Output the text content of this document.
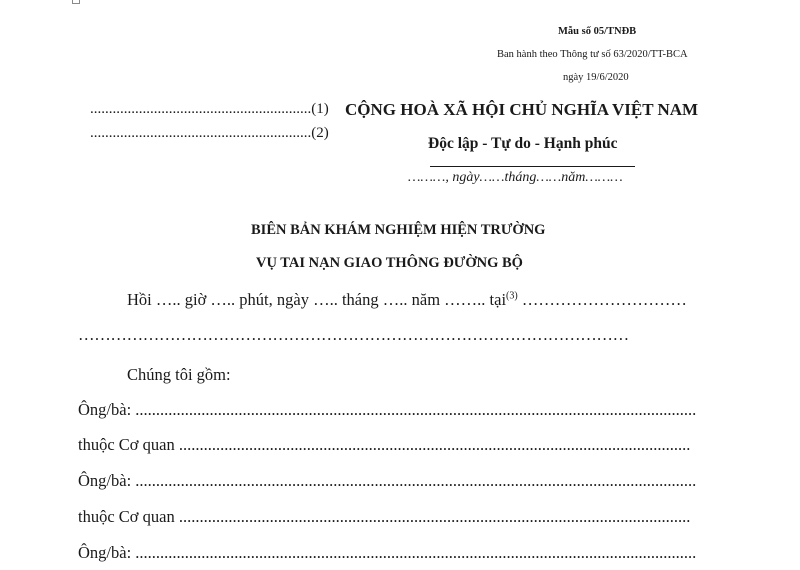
Mẫu số 05/TNĐB
Ban hành theo Thông tư số 63/2020/TT-BCA
ngày 19/6/2020
...........................................................(1)
...........................................................(2)
CỘNG HOÀ XÃ HỘI CHỦ NGHĨA VIỆT NAM
Độc lập - Tự do - Hạnh phúc
………, ngày……tháng……năm………
BIÊN BẢN KHÁM NGHIỆM HIỆN TRƯỜNG
VỤ TAI NẠN GIAO THÔNG ĐƯỜNG BỘ
Hồi ….. giờ ….. phút, ngày ….. tháng ….. năm …….. tại$^{(3)}$ …………………………
…………………………………………………………………………………………
Chúng tôi gồm:
Ông/bà: ........................................................................................................................................
thuộc Cơ quan ............................................................................................................................
Ông/bà: ........................................................................................................................................
thuộc Cơ quan ............................................................................................................................
Ông/bà: ........................................................................................................................................
